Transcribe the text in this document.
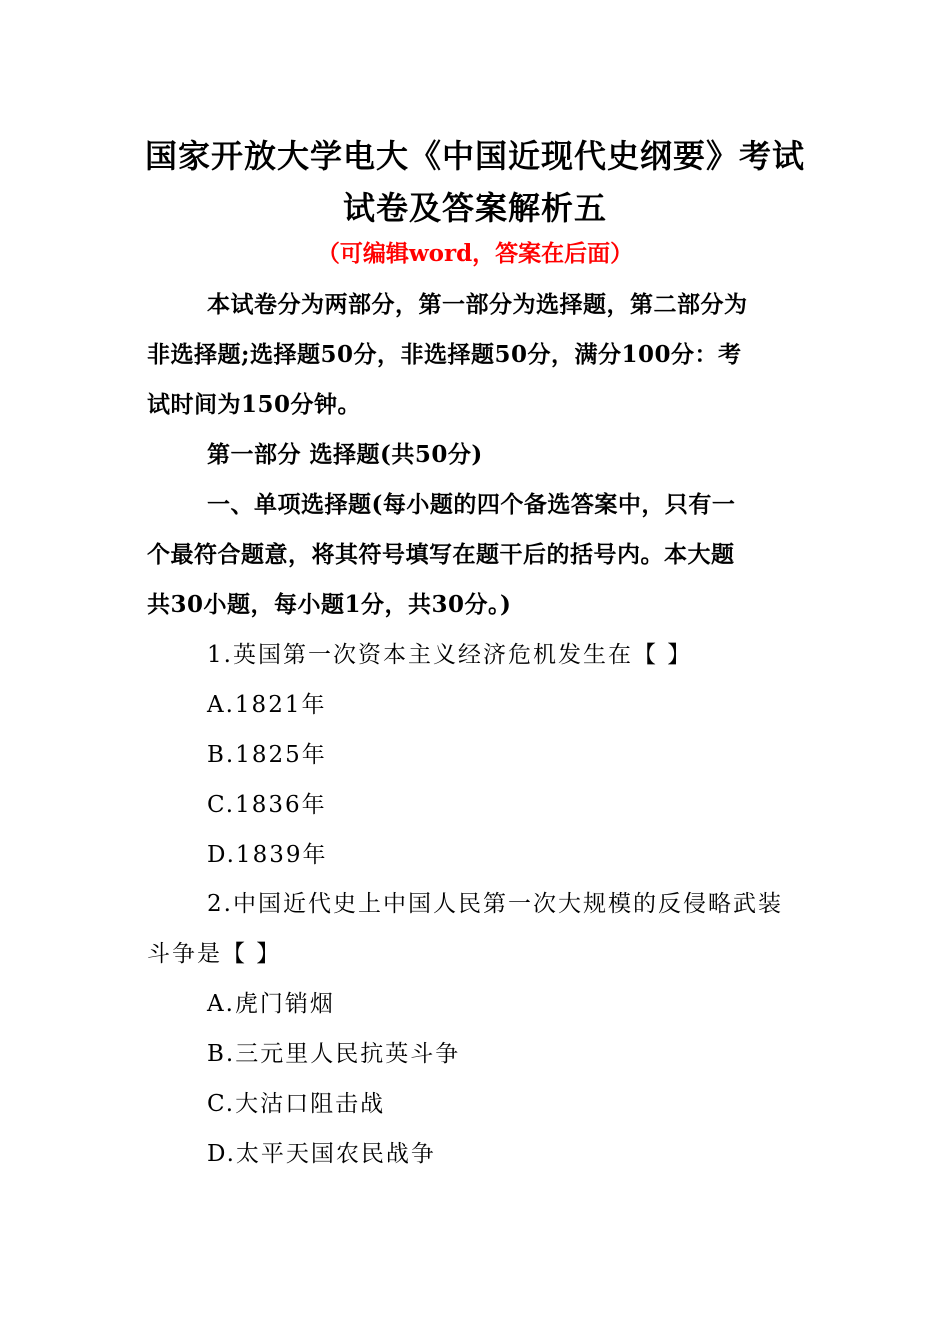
国家开放大学电大《中国近现代史纲要》考试
试卷及答案解析五
（可编辑word，答案在后面）
本试卷分为两部分，第一部分为选择题，第二部分为
非选择题;选择题50分，非选择题50分，满分100分：考
试时间为150分钟。
第一部分 选择题(共50分)
一、单项选择题(每小题的四个备选答案中，只有一
个最符合题意，将其符号填写在题干后的括号内。本大题
共30小题，每小题1分，共30分。)
1.英国第一次资本主义经济危机发生在【 】
A.1821年
B.1825年
C.1836年
D.1839年
2.中国近代史上中国人民第一次大规模的反侵略武装
斗争是【 】
A.虎门销烟
B.三元里人民抗英斗争
C.大沽口阻击战
D.太平天国农民战争
